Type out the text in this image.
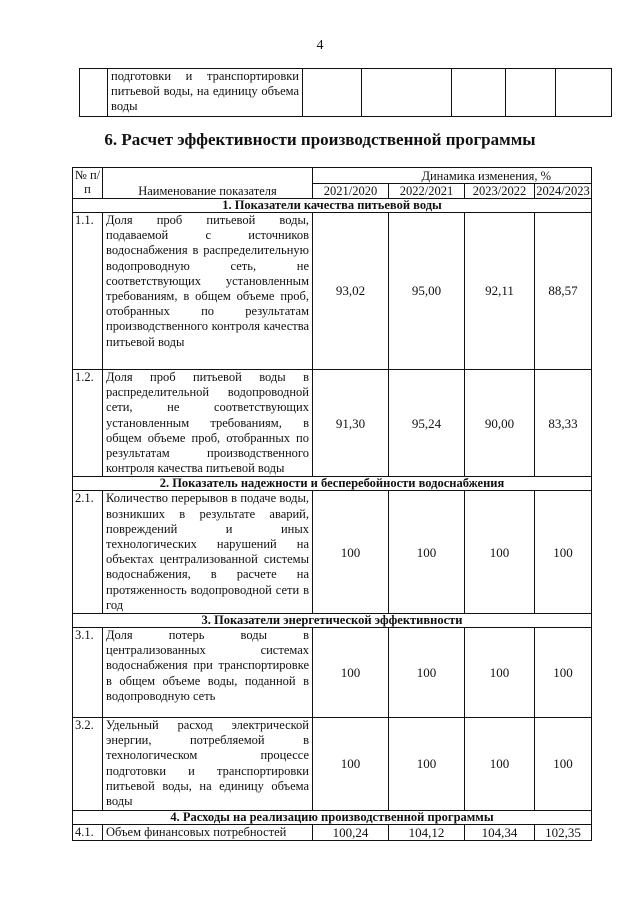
4
	подготовки и транспортировки питьевой воды, на единицу объема воды					
6. Расчет эффективности производственной программы
№ п/п	Наименование показателя	Динамика изменения, %			
		2021/2020	2022/2021	2023/2022	2024/2023
1. Показатели качества питьевой воды					
1.1.	Доля проб питьевой воды, подаваемой с источников водоснабжения в распределительную водопроводную сеть, не соответствующих установленным требованиям, в общем объеме проб, отобранных по результатам производственного контроля качества питьевой воды	93,02	95,00	92,11	88,57
1.2.	Доля проб питьевой воды в распределительной водопроводной сети, не соответствующих установленным требованиям, в общем объеме проб, отобранных по результатам производственного контроля качества питьевой воды	91,30	95,24	90,00	83,33
2. Показатель надежности и бесперебойности водоснабжения					
2.1.	Количество перерывов в подаче воды, возникших в результате аварий, повреждений и иных технологических нарушений на объектах централизованной системы водоснабжения, в расчете на протяженность водопроводной сети в год	100	100	100	100
3. Показатели энергетической эффективности					
3.1.	Доля потерь воды в централизованных системах водоснабжения при транспортировке в общем объеме воды, поданной в водопроводную сеть	100	100	100	100
3.2.	Удельный расход электрической энергии, потребляемой в технологическом процессе подготовки и транспортировки питьевой воды, на единицу объема воды	100	100	100	100
4. Расходы на реализацию производственной программы					
4.1.	Объем финансовых потребностей	100,24	104,12	104,34	102,35
